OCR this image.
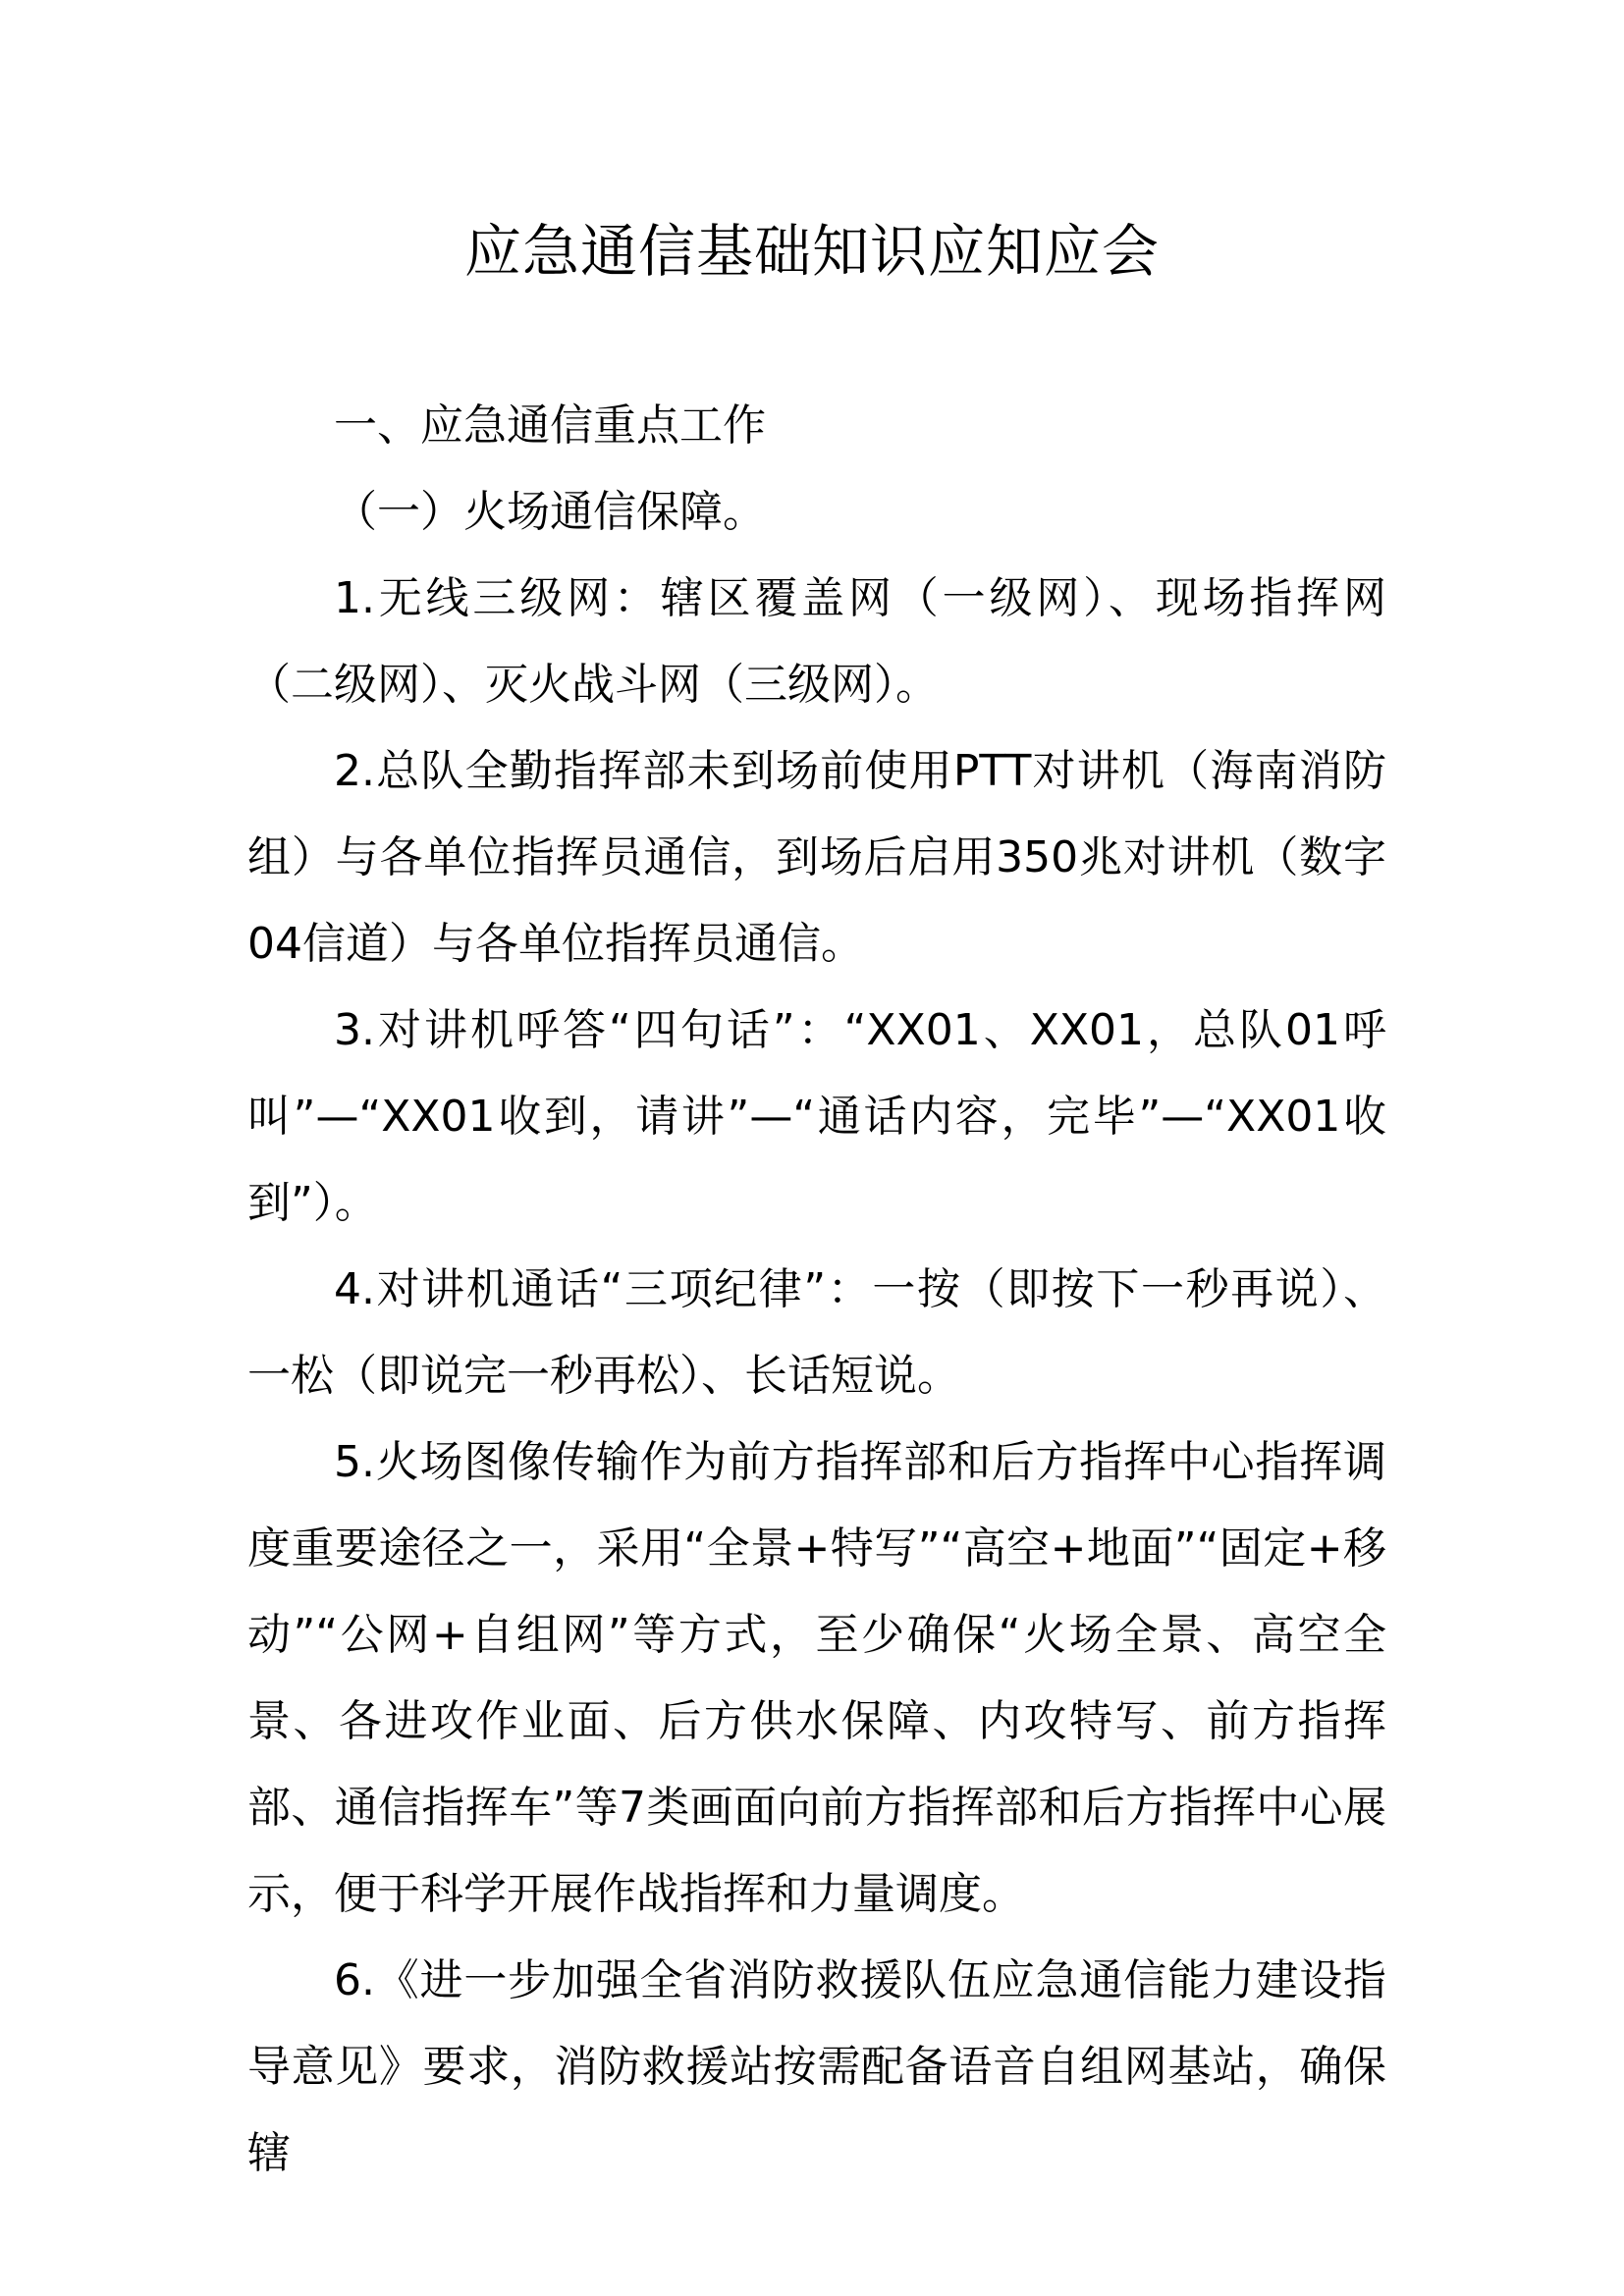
应急通信基础知识应知应会

一、应急通信重点工作

（一）火场通信保障。

1.无线三级网：辖区覆盖网（一级网）、现场指挥网（二级网）、灭火战斗网（三级网）。

2.总队全勤指挥部未到场前使用PTT对讲机（海南消防组）与各单位指挥员通信，到场后启用350兆对讲机（数字04信道）与各单位指挥员通信。

3.对讲机呼答“四句话”：“XX01、XX01，总队01呼叫”—“XX01收到，请讲”—“通话内容，完毕”—“XX01收到”）。

4.对讲机通话“三项纪律”：一按（即按下一秒再说）、一松（即说完一秒再松）、长话短说。

5.火场图像传输作为前方指挥部和后方指挥中心指挥调度重要途径之一，采用“全景+特写”“高空+地面”“固定+移动”“公网+自组网”等方式，至少确保“火场全景、高空全景、各进攻作业面、后方供水保障、内攻特写、前方指挥部、通信指挥车”等7类画面向前方指挥部和后方指挥中心展示，便于科学开展作战指挥和力量调度。

6.《进一步加强全省消防救援队伍应急通信能力建设指导意见》要求，消防救援站按需配备语音自组网基站，确保辖
